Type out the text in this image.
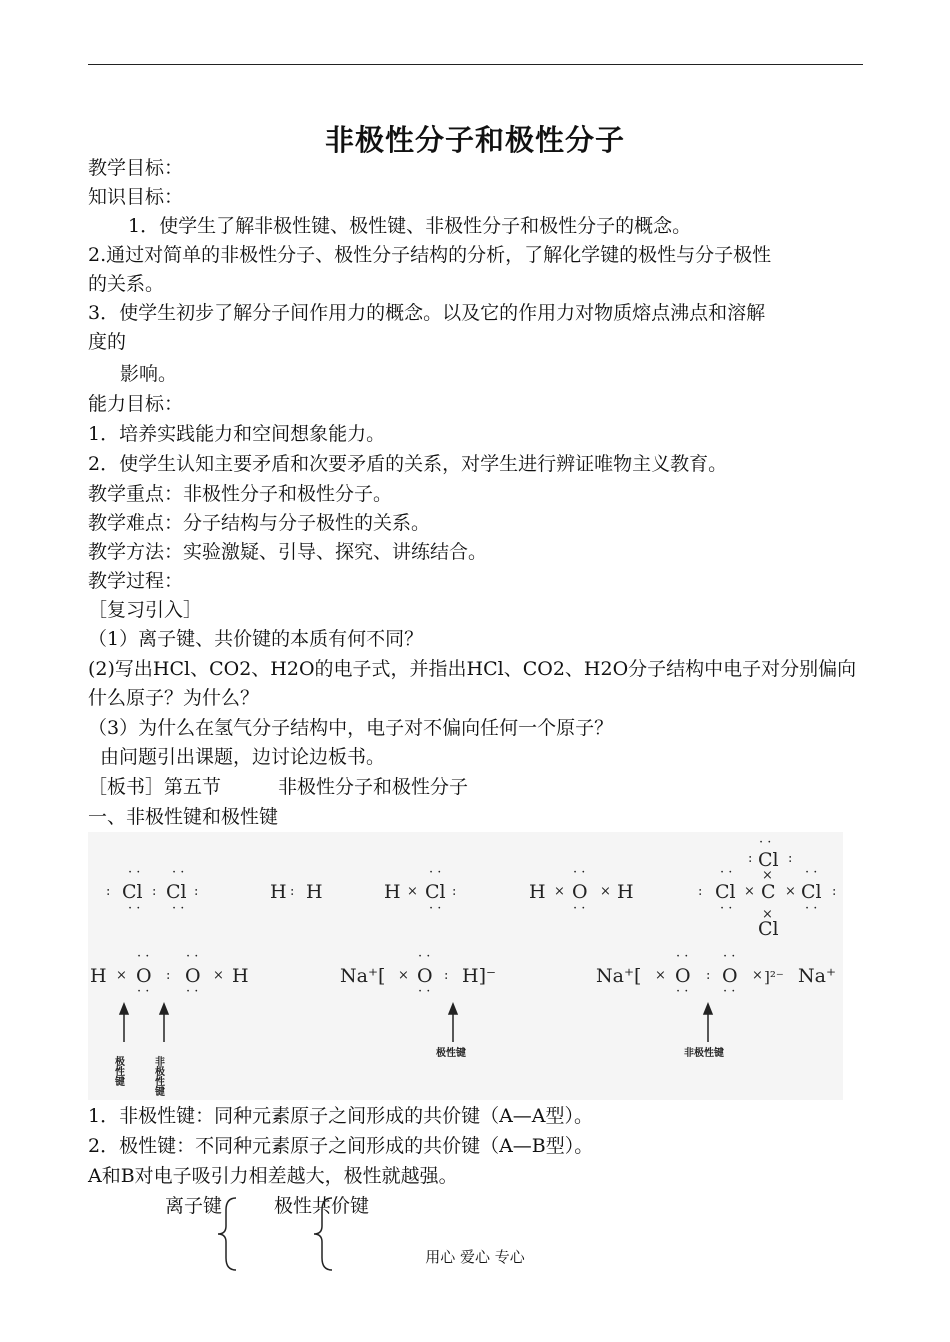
非极性分子和极性分子
教学目标：
知识目标：
1．使学生了解非极性键、极性键、非极性分子和极性分子的概念。
2.通过对简单的非极性分子、极性分子结构的分析，了解化学键的极性与分子极性
的关系。
3．使学生初步了解分子间作用力的概念。以及它的作用力对物质熔点沸点和溶解
度的
影响。
能力目标：
1．培养实践能力和空间想象能力。
2．使学生认知主要矛盾和次要矛盾的关系，对学生进行辨证唯物主义教育。
教学重点：非极性分子和极性分子。
教学难点：分子结构与分子极性的关系。
教学方法：实验激疑、引导、探究、讲练结合。
教学过程：
［复习引入］
（1）离子键、共价键的本质有何不同？
(2)写出HCl、CO2、H2O的电子式，并指出HCl、CO2、H2O分子结构中电子对分别偏向
什么原子？为什么？
（3）为什么在氢气分子结构中，电子对不偏向任何一个原子？
由问题引出课题，边讨论边板书。
［板书］第五节　　　非极性分子和极性分子
一、非极性键和极性键
Cl Cl	H H	H Cl	H O H
Cl
C
Cl	Cl
Cl
H O O H	Na⁺[ O H]⁻	Na⁺[ O O ]²⁻ Na⁺
:	:	:
· · · ·
· · · ·
:	×	:
· ·
· ·
×	×
· ·
· ·
:	× ×	:
×
×
· ·
· ·
· ·
· ·
:	:
· ·
×	:	×
· ·
· ·
· ·
· ·
×	:
· ·
· ·
×	:	×
· ·
· ·
· ·
· ·
极性键	非极性键
极性键	非极性键
1．非极性键：同种元素原子之间形成的共价键（A—A型）。
2．极性键：不同种元素原子之间形成的共价键（A—B型）。
A和B对电子吸引力相差越大，极性就越强。
离子键	极性共价键
用心 爱心 专心
